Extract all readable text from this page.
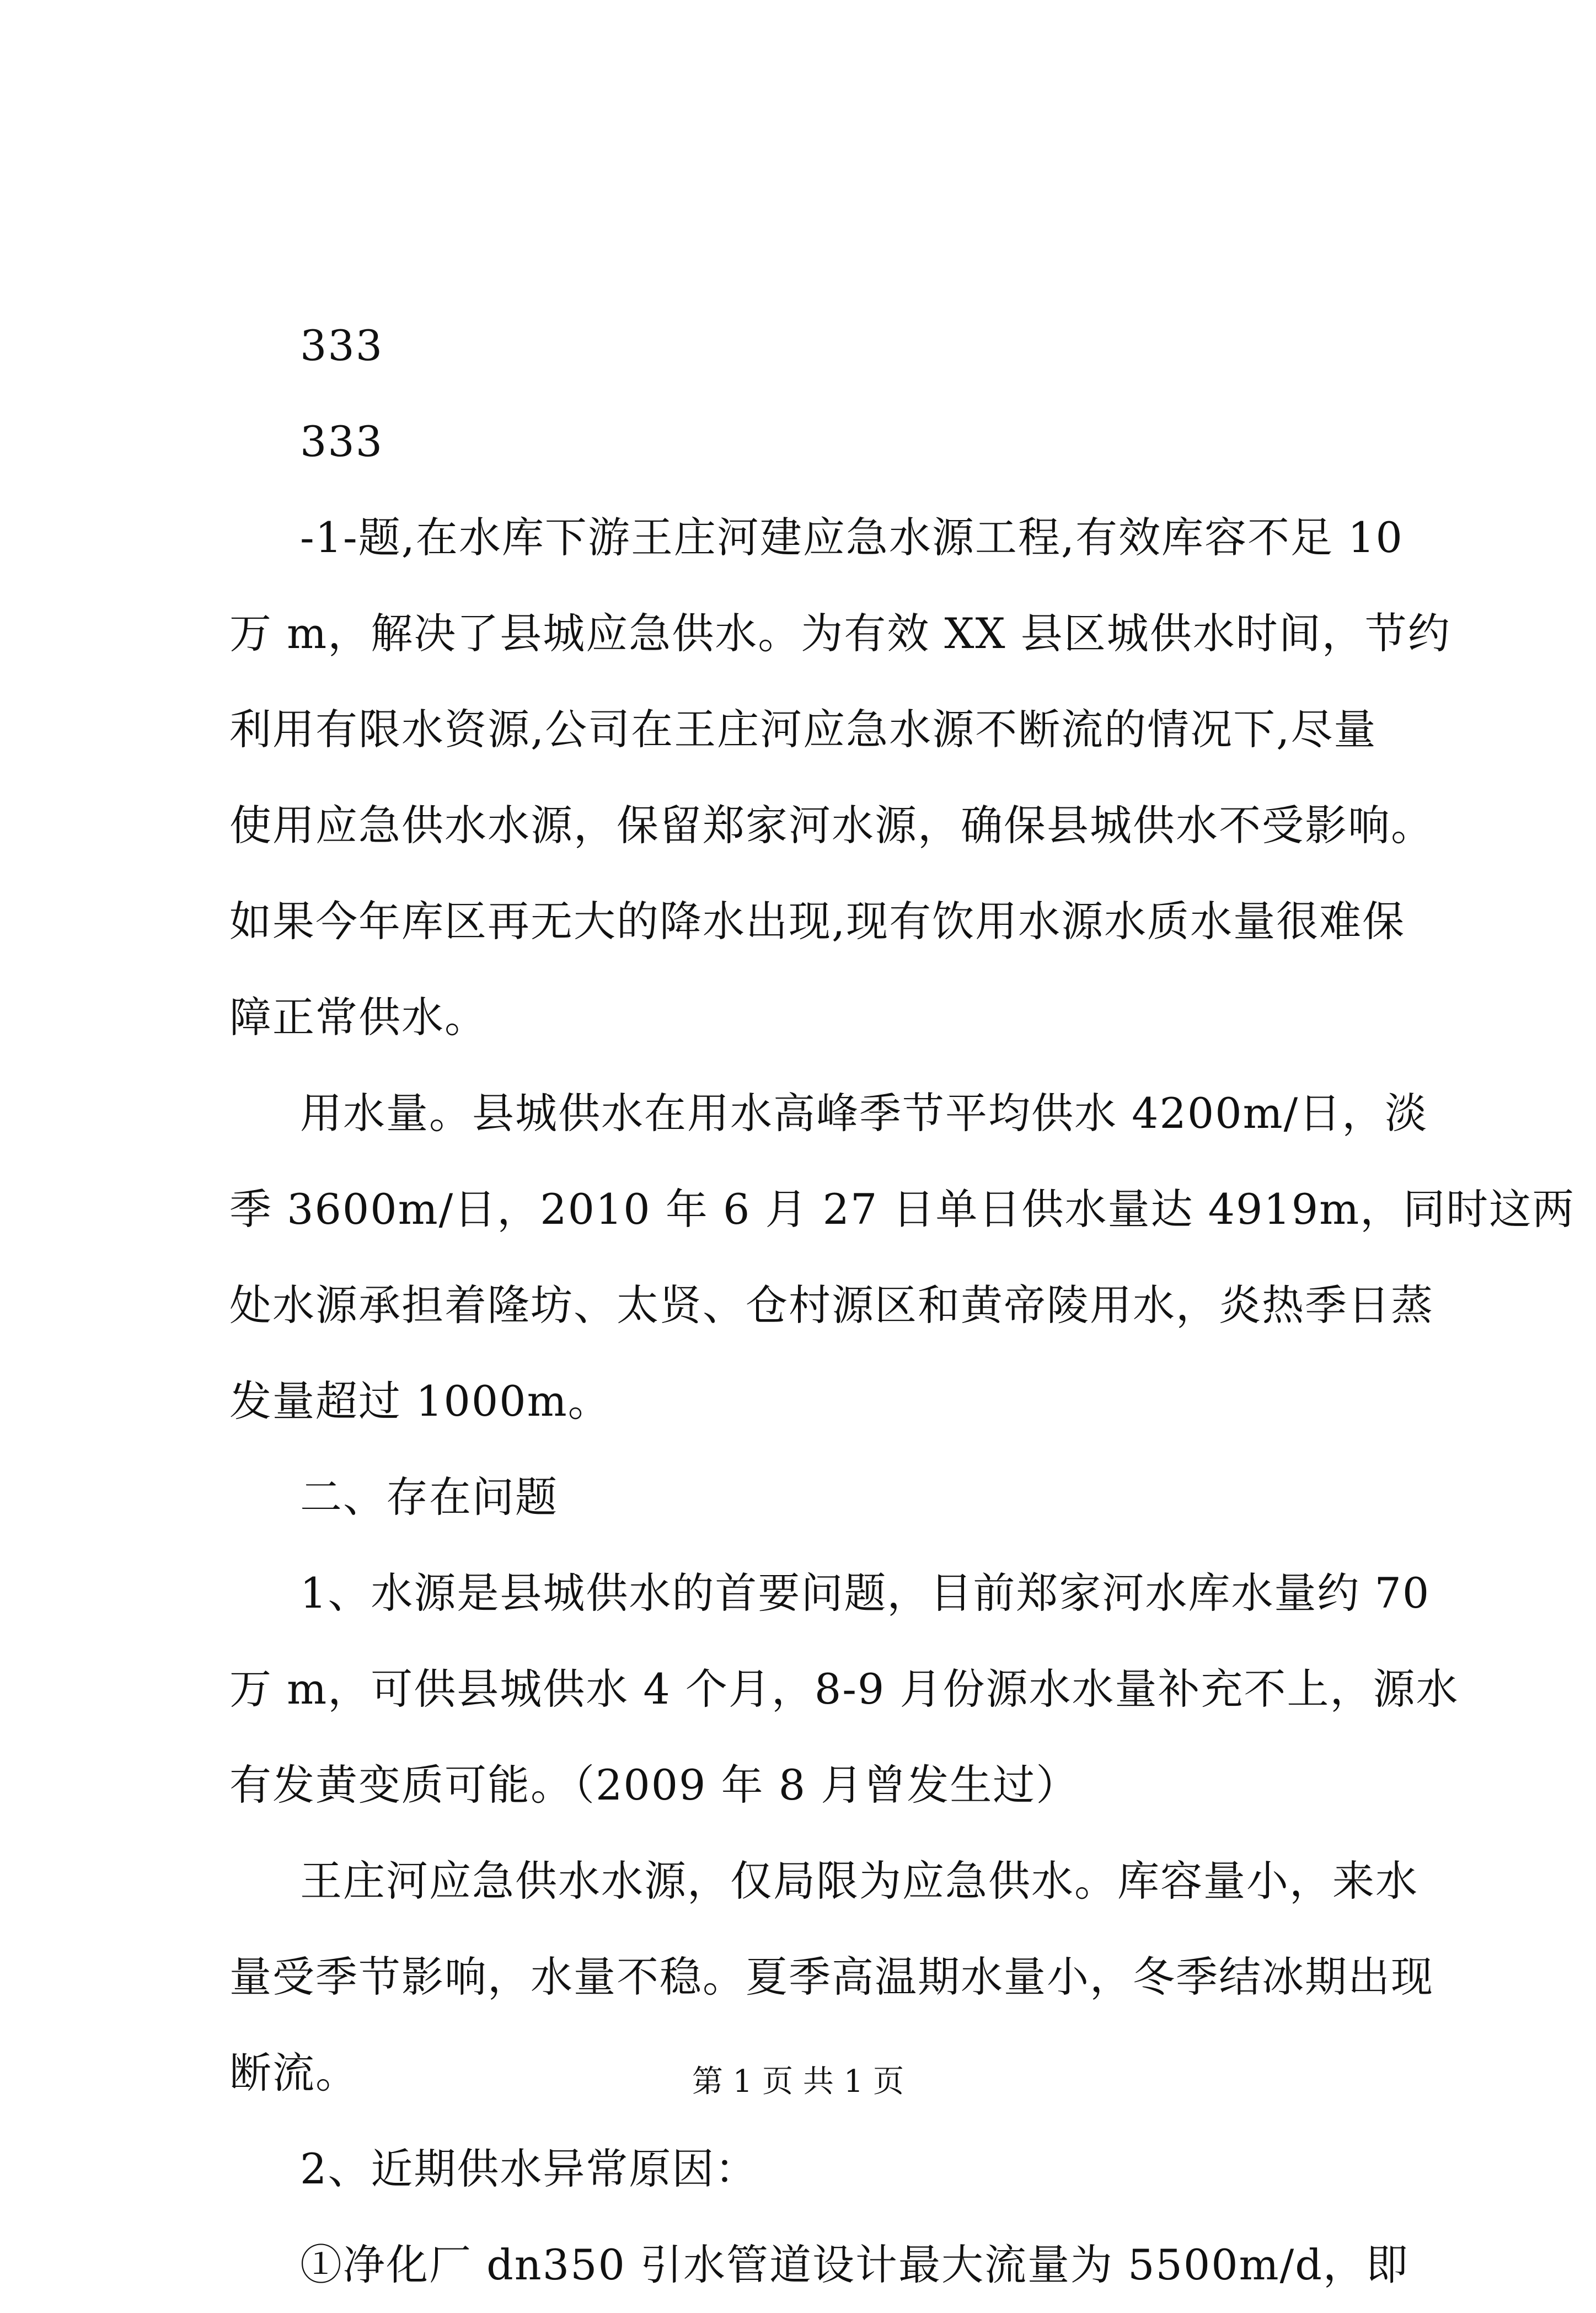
333
333
-1-题,在水库下游王庄河建应急水源工程,有效库容不足 10
万 m，解决了县城应急供水。为有效 XX 县区城供水时间，节约
利用有限水资源,公司在王庄河应急水源不断流的情况下,尽量
使用应急供水水源，保留郑家河水源，确保县城供水不受影响。
如果今年库区再无大的降水出现,现有饮用水源水质水量很难保
障正常供水。
用水量。县城供水在用水高峰季节平均供水 4200m/日，淡
季 3600m/日，2010 年 6 月 27 日单日供水量达 4919m，同时这两
处水源承担着隆坊、太贤、仓村源区和黄帝陵用水，炎热季日蒸
发量超过 1000m。
二、存在问题
1、水源是县城供水的首要问题，目前郑家河水库水量约 70
万 m，可供县城供水 4 个月，8-9 月份源水水量补充不上，源水
有发黄变质可能。（2009 年 8 月曾发生过）
王庄河应急供水水源，仅局限为应急供水。库容量小，来水
量受季节影响，水量不稳。夏季高温期水量小，冬季结冰期出现
断流。
2、近期供水异常原因：
①净化厂 dn350 引水管道设计最大流量为 5500m/d，即
第 1 页 共 1 页
